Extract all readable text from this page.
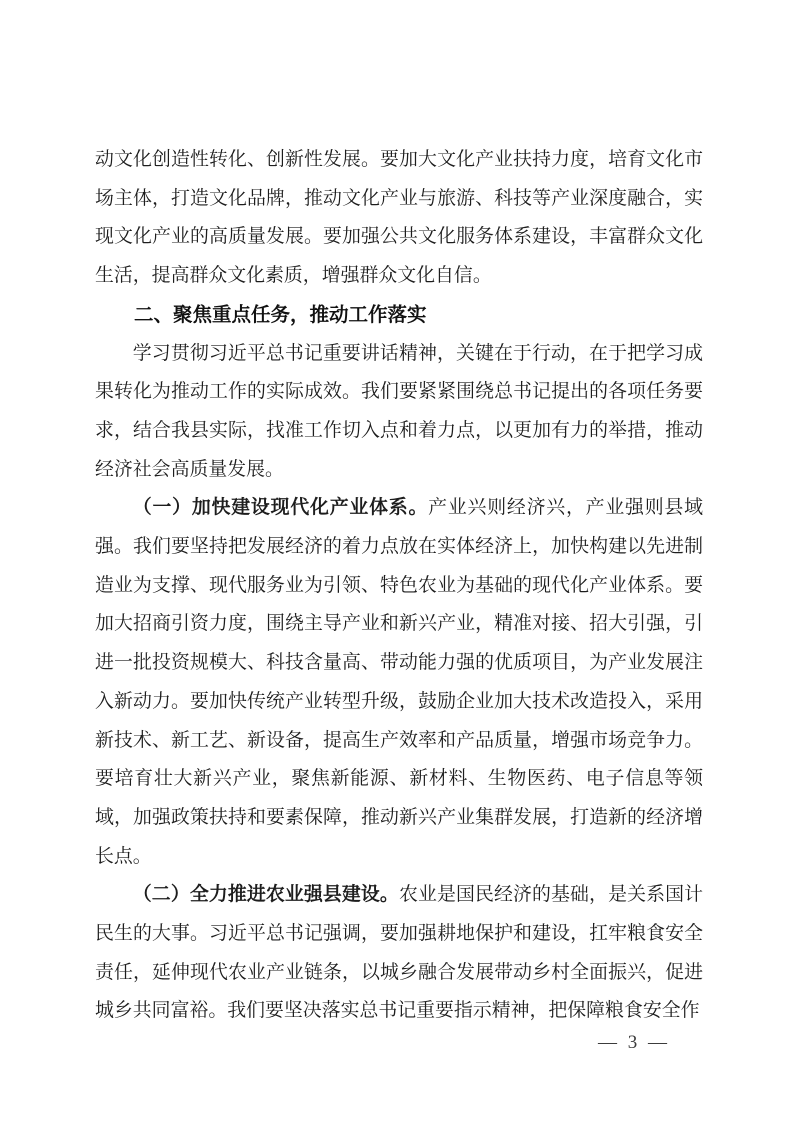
动文化创造性转化、创新性发展。要加大文化产业扶持力度，培育文化市场主体，打造文化品牌，推动文化产业与旅游、科技等产业深度融合，实现文化产业的高质量发展。要加强公共文化服务体系建设，丰富群众文化生活，提高群众文化素质，增强群众文化自信。

二、聚焦重点任务，推动工作落实

学习贯彻习近平总书记重要讲话精神，关键在于行动，在于把学习成果转化为推动工作的实际成效。我们要紧紧围绕总书记提出的各项任务要求，结合我县实际，找准工作切入点和着力点，以更加有力的举措，推动经济社会高质量发展。

（一）加快建设现代化产业体系。产业兴则经济兴，产业强则县域强。我们要坚持把发展经济的着力点放在实体经济上，加快构建以先进制造业为支撑、现代服务业为引领、特色农业为基础的现代化产业体系。要加大招商引资力度，围绕主导产业和新兴产业，精准对接、招大引强，引进一批投资规模大、科技含量高、带动能力强的优质项目，为产业发展注入新动力。要加快传统产业转型升级，鼓励企业加大技术改造投入，采用新技术、新工艺、新设备，提高生产效率和产品质量，增强市场竞争力。要培育壮大新兴产业，聚焦新能源、新材料、生物医药、电子信息等领域，加强政策扶持和要素保障，推动新兴产业集群发展，打造新的经济增长点。

（二）全力推进农业强县建设。农业是国民经济的基础，是关系国计民生的大事。习近平总书记强调，要加强耕地保护和建设，扛牢粮食安全责任，延伸现代农业产业链条，以城乡融合发展带动乡村全面振兴，促进城乡共同富裕。我们要坚决落实总书记重要指示精神，把保障粮食安全作

— 3 —
